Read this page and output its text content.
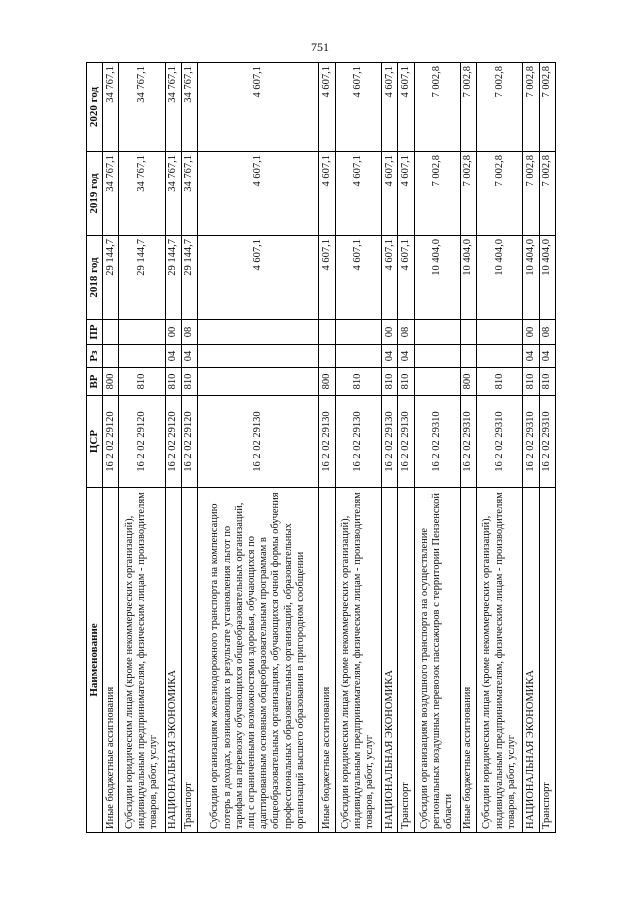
751
Наименование	ЦСР	ВР	Рз	ПР	2018 год	2019 год	2020 год
Иные бюджетные ассигнования	16 2 02 29120	800			29 144,7	34 767,1	34 767,1
Субсидии юридическим лицам (кроме некоммерческих организаций), индивидуальным предпринимателям, физическим лицам - производителям товаров, работ, услуг	16 2 02 29120	810			29 144,7	34 767,1	34 767,1
НАЦИОНАЛЬНАЯ ЭКОНОМИКА	16 2 02 29120	810	04	00	29 144,7	34 767,1	34 767,1
Транспорт	16 2 02 29120	810	04	08	29 144,7	34 767,1	34 767,1
Субсидии организациям железнодорожного транспорта на компенсацию потерь в доходах, возникающих в результате установления льгот по тарифам на перевозку обучающихся общеобразовательных организаций, лиц с ограниченными возможностями здоровья, обучающихся по адаптированным основным общеобразовательным программам в общеобразовательных организациях, обучающихся очной формы обучения профессиональных образовательных организаций, образовательных организаций высшего образования в пригородном сообщении	16 2 02 29130				4 607,1	4 607,1	4 607,1
Иные бюджетные ассигнования	16 2 02 29130	800			4 607,1	4 607,1	4 607,1
Субсидии юридическим лицам (кроме некоммерческих организаций), индивидуальным предпринимателям, физическим лицам - производителям товаров, работ, услуг	16 2 02 29130	810			4 607,1	4 607,1	4 607,1
НАЦИОНАЛЬНАЯ ЭКОНОМИКА	16 2 02 29130	810	04	00	4 607,1	4 607,1	4 607,1
Транспорт	16 2 02 29130	810	04	08	4 607,1	4 607,1	4 607,1
Субсидии организациям воздушного транспорта на осуществление региональных воздушных перевозок пассажиров с территории Пензенской области	16 2 02 29310				10 404,0	7 002,8	7 002,8
Иные бюджетные ассигнования	16 2 02 29310	800			10 404,0	7 002,8	7 002,8
Субсидии юридическим лицам (кроме некоммерческих организаций), индивидуальным предпринимателям, физическим лицам - производителям товаров, работ, услуг	16 2 02 29310	810			10 404,0	7 002,8	7 002,8
НАЦИОНАЛЬНАЯ ЭКОНОМИКА	16 2 02 29310	810	04	00	10 404,0	7 002,8	7 002,8
Транспорт	16 2 02 29310	810	04	08	10 404,0	7 002,8	7 002,8
